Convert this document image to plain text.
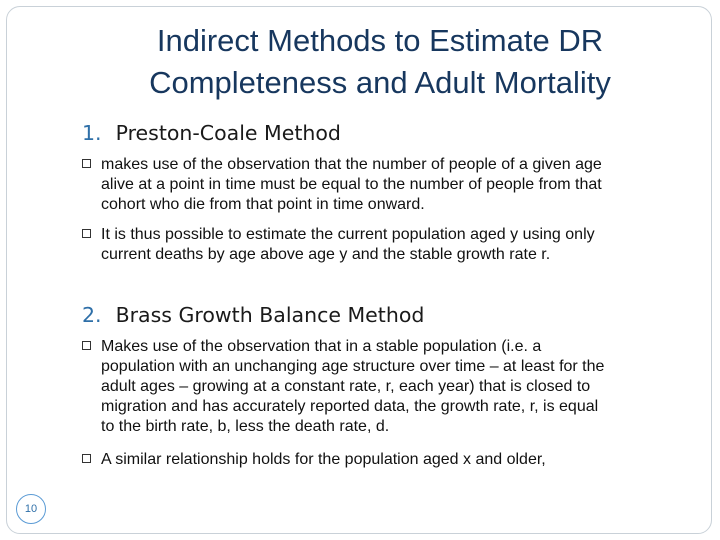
Indirect Methods to Estimate DR
Completeness and Adult Mortality
1. Preston-Coale Method
makes use of the observation that the number of people of a given age
alive at a point in time must be equal to the number of people from that
cohort who die from that point in time onward.
It is thus possible to estimate the current population aged y using only
current deaths by age above age y and the stable growth rate r.
2. Brass Growth Balance Method
Makes use of the observation that in a stable population (i.e. a
population with an unchanging age structure over time – at least for the
adult ages – growing at a constant rate, r, each year) that is closed to
migration and has accurately reported data, the growth rate, r, is equal
to the birth rate, b, less the death rate, d.
A similar relationship holds for the population aged x and older,
10
